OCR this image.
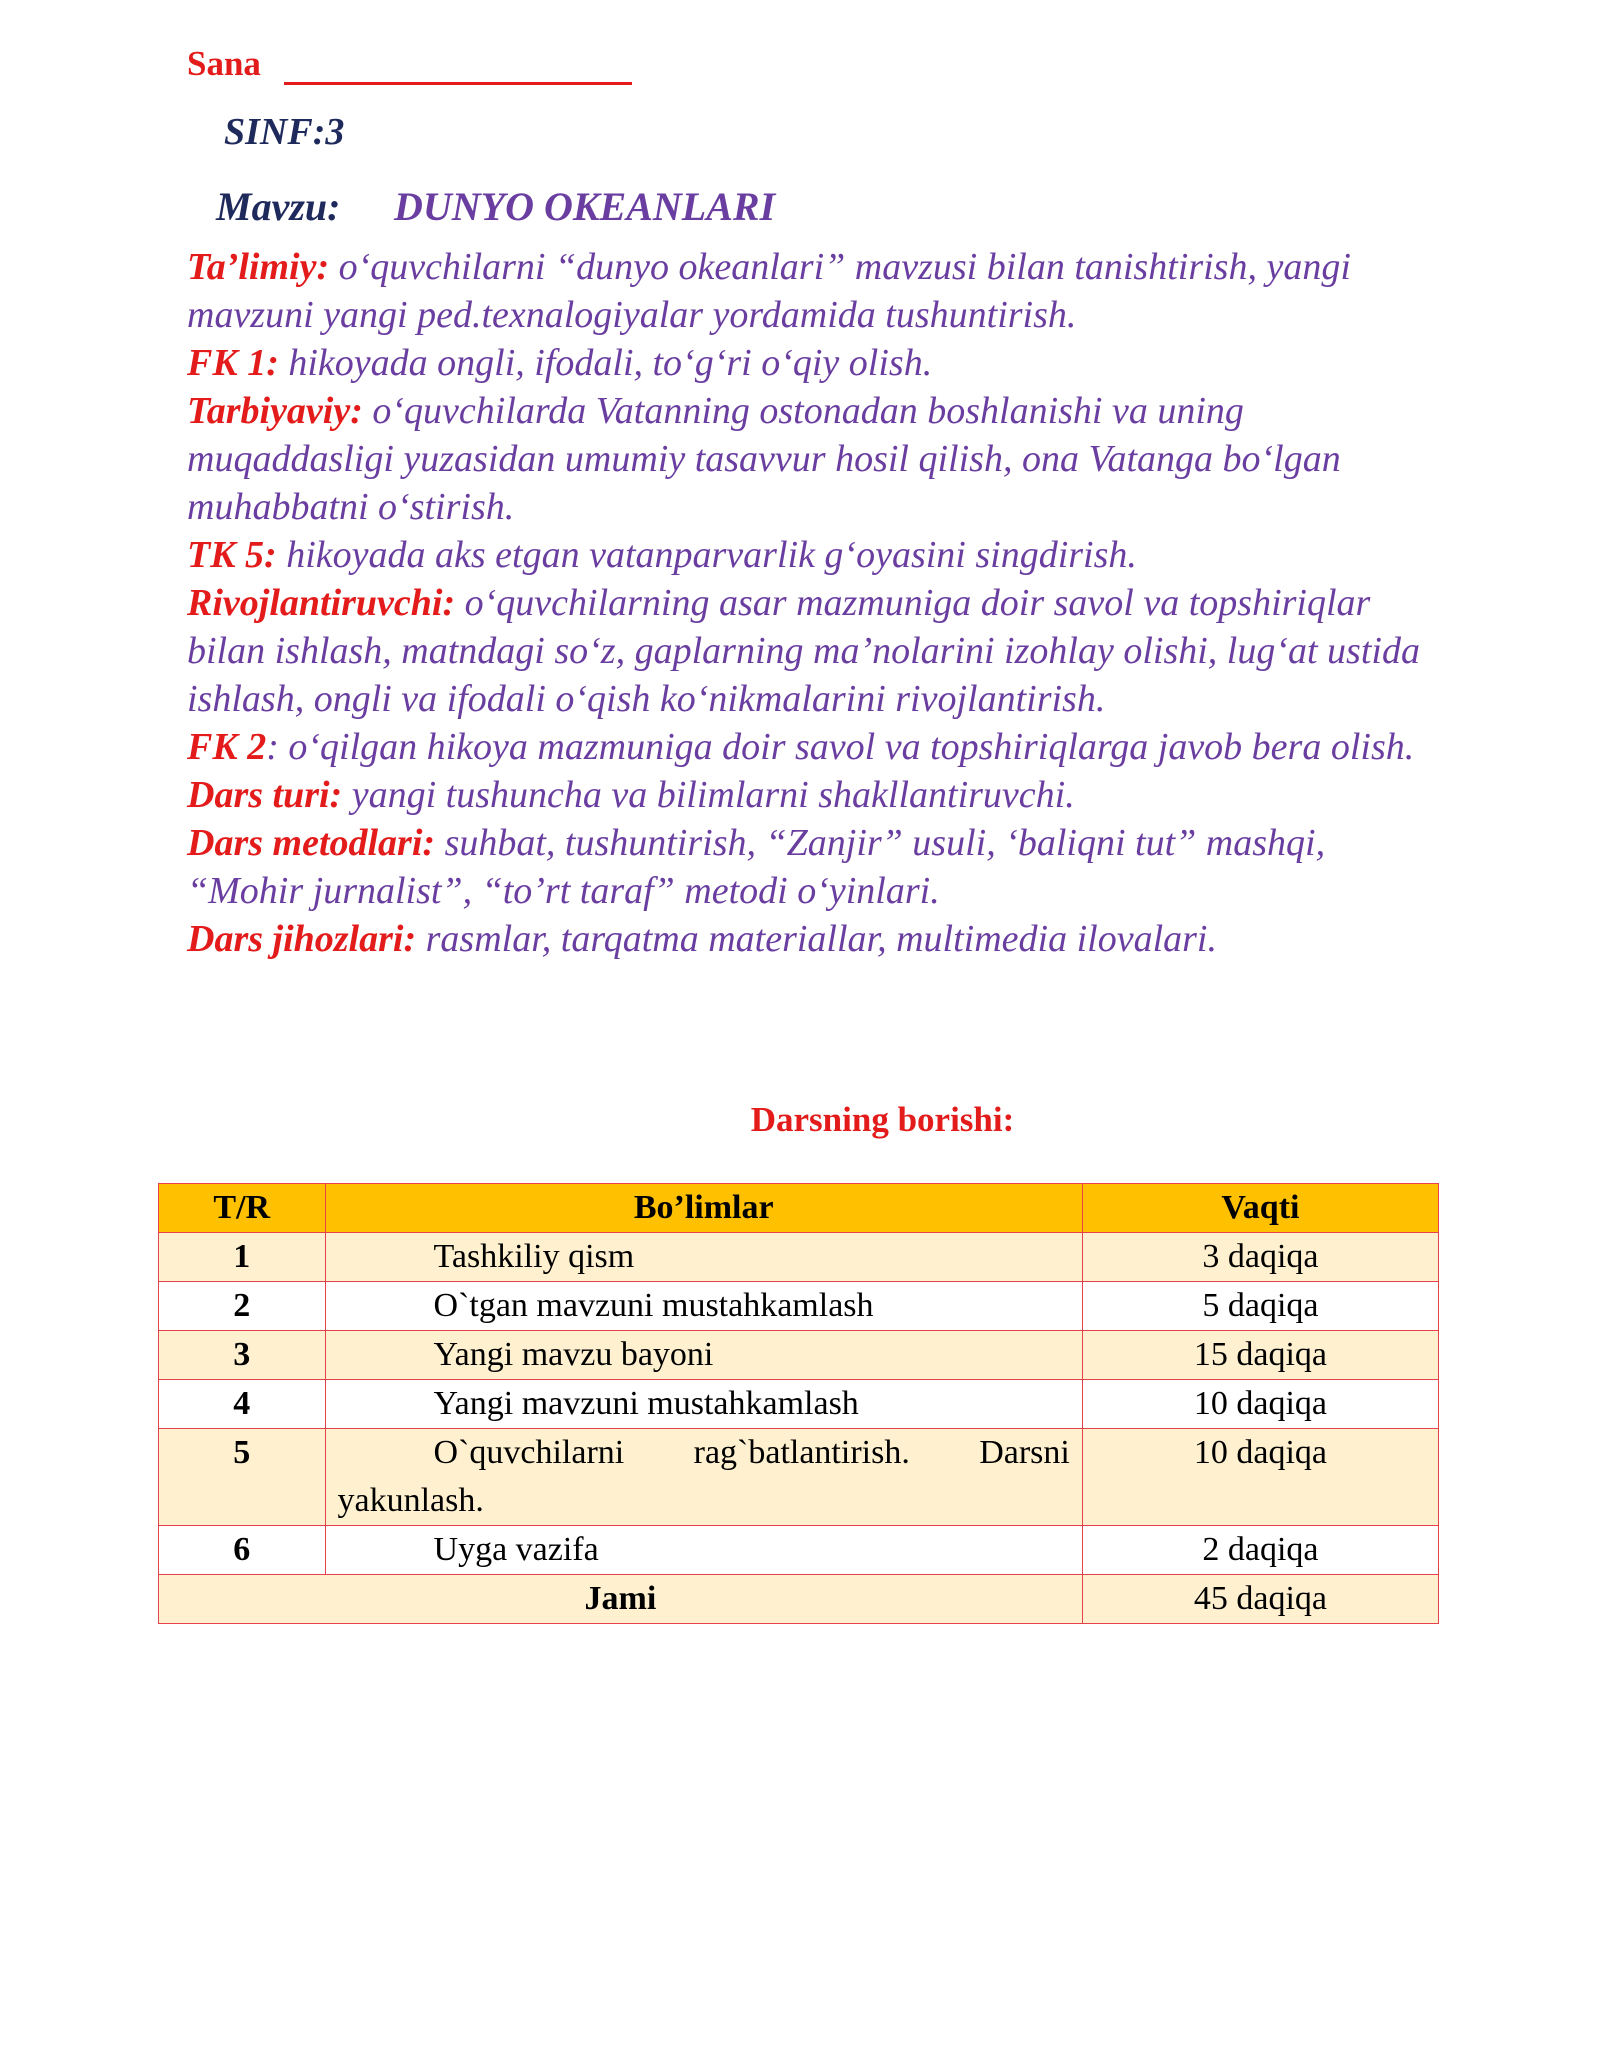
Sana
SINF:3
Mavzu: DUNYO OKEANLARI

Ta’limiy: o‘quvchilarni “dunyo okeanlari” mavzusi bilan tanishtirish, yangi mavzuni yangi ped.texnalogiyalar yordamida tushuntirish.

FK 1: hikoyada ongli, ifodali, to‘g‘ri o‘qiy olish.

Tarbiyaviy: o‘quvchilarda Vatanning ostonadan boshlanishi va uning muqaddasligi yuzasidan umumiy tasavvur hosil qilish, ona Vatanga bo‘lgan muhabbatni o‘stirish.

TK 5: hikoyada aks etgan vatanparvarlik g‘oyasini singdirish.

Rivojlantiruvchi: o‘quvchilarning asar mazmuniga doir savol va topshiriqlar bilan ishlash, matndagi so‘z, gaplarning ma’nolarini izohlay olishi, lug‘at ustida ishlash, ongli va ifodali o‘qish ko‘nikmalarini rivojlantirish.

FK 2: o‘qilgan hikoya mazmuniga doir savol va topshiriqlarga javob bera olish.

Dars turi: yangi tushuncha va bilimlarni shakllantiruvchi.

Dars metodlari: suhbat, tushuntirish, “Zanjir” usuli, ‘baliqni tut” mashqi, “Mohir jurnalist”, “to’rt taraf” metodi o‘yinlari.

Dars jihozlari: rasmlar, tarqatma materiallar, multimedia ilovalari.

Darsning borishi:
T/R	Bo’limlar	Vaqti
1	Tashkiliy qism	3 daqiqa
2	O`tgan mavzuni mustahkamlash	5 daqiqa
3	Yangi mavzu bayoni	15 daqiqa
4	Yangi mavzuni mustahkamlash	10 daqiqa
5	O`quvchilarni rag`batlantirish. Darsni
yakunlash.	10 daqiqa
6	Uyga vazifa	2 daqiqa
Jami		45 daqiqa
